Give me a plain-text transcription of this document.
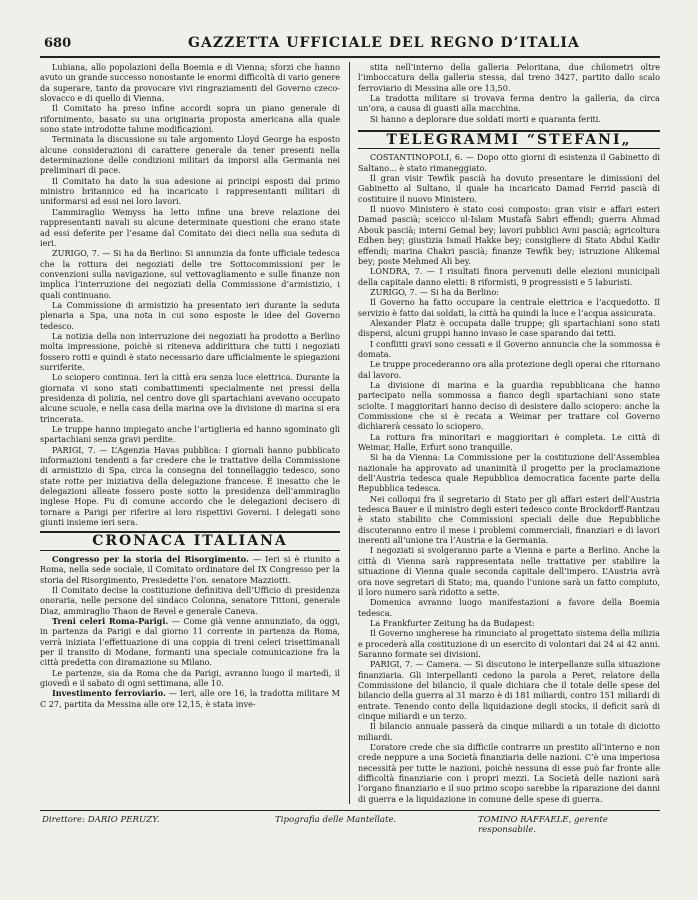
680	GAZZETTA UFFICIALE DEL REGNO D’ITALIA

Lubiana, allo popolazioni della Boemia e di Vienna; sforzi che hanno avuto un grande successo nonostante le enormi difficoltà di vario genere da superare, tanto da provocare vivi ringraziamenti del Governo czeco-slovacco e di quello di Vienna.

Il Comitato ha preso infine accordi sopra un piano generale di rifornimento, basato su una originaria proposta americana alla quale sono state introdotte talune modificazioni.

Terminata la discussione su tale argomento Lloyd George ha esposto alcune considerazioni di carattere generale da tener presenti nella determinazione delle condizioni militari da imporsi alla Germania nei preliminari di pace.

Il Comitato ha dato la sua adesione ai principi esposti dal primo ministro britannico ed ha incaricato i rappresentanti militari di uniformarsi ad essi nei loro lavori.

L’ammiraglio Wemyss ha letto infine una breve relazione dei rappresentanti navali su alcune determinate questioni che erano state ad essi deferite per l’esame dal Comitato dei dieci nella sua seduta di ieri.

ZURIGO, 7. — Si ha da Berlino: Si annunzia da fonte ufficiale tedesca che la rottura dei negoziati delle tre Sottocommissioni per le convenzioni sulla navigazione, sul vettovagliamento e sulle finanze non implica l’interruzione dei negoziati della Commissione d’armistizio, i quali continuano.

La Commissione di armistizio ha presentato ieri durante la seduta plenaria a Spa, una nota in cui sono esposte le idee del Governo tedesco.

La notizia della non interruzione dei negoziati ha prodotto a Berlino molta impressione, poichè si riteneva addirittura che tutti i negoziati fossero rotti e quindi è stato necessario dare ufficialmente le spiegazioni surriferite.

Lo sciopero continua. Ieri la città era senza luce elettrica. Durante la giornata vi sono stati combattimenti specialmente nei pressi della presidenza di polizia, nel centro dove gli spartachiani avevano occupato alcune scuole, e nella casa della marina ove la divisione di marina si era trincerata.

Le truppe hanno impiegato anche l’artiglieria ed hanno sgominato gli spartachiani senza gravi perdite.

PARIGI, 7. — L’Agenzia Havas pubblica: I giornali hanno pubblicato informazioni tendenti a far credere che le trattative della Commissione di armistizio di Spa, circa la consegna del tonnellaggio tedesco, sono state rotte per iniziativa della delegazione francese. È inesatto che le delegazioni alleate fossero poste sotto la presidenza dell’ammiraglio inglese Hope. Fu di comune accordo che le delegazioni decisero di tornare a Parigi per riferire ai loro rispettivi Governi. I delegati sono giunti insieme ieri sera.

CRONACA ITALIANA

Congresso per la storia del Risorgimento. — Ieri si è riunito a Roma, nella sede sociale, il Comitato ordinatore del IX Congresso per la storia del Risorgimento, Presiedette l’on. senatore Mazziotti.

Il Comitato decise la costituzione definitiva dell’Ufficio di presidenza onoraria, nelle persone del sindaco Colonna, senatore Tittoni, generale Diaz, ammiraglio Thaon de Revel e generale Caneva.

Treni celeri Roma-Parigi. — Come già venne annunziato, da oggi, in partenza da Parigi e dal giorno 11 corrente in partenza da Roma, verrà iniziata l’effettuazione di una coppia di treni celeri trisettimanali per il transito di Modane, formanti una speciale comunicazione fra la città predetta con diramazione su Milano.

Le partenze, sia da Roma che da Parigi, avranno luogo il martedì, il giovedì e il sabato di ogni settimana, alle 10.

Investimento ferroviario. — Ieri, alle ore 16, la tradotta militare M C 27, partita da Messina alle ore 12,15, è stata inve-

stita nell’interno della galleria Peloritana, due chilometri oltre l’imboccatura della galleria stessa, dal treno 3427, partito dallo scalo ferroviario di Messina alle ore 13,50.

La tradotta militare si trovava ferma dentro la galleria, da circa un’ora, a causa di guasti alla macchina.

Si hanno a deplorare due soldati morti e quaranta feriti.

TELEGRAMMI “STEFANI„

COSTANTINOPOLI, 6. — Dopo otto giorni di esistenza il Gabinetto di Saltano... è stato rimaneggiato.

Il gran visir Tewfik pascià ha dovuto presentare le dimissioni del Gabinetto al Sultano, il quale ha incaricato Damad Ferrid pascià di costituire il nuovo Ministero.

Il nuovo Ministero è stato così composto: gran visir e affari esteri Damad pascià; sceicco ul-Islam Mustafà Sabri effendi; guerra Ahmad Abouk pascià; interni Gemal bey; lavori pubblici Avni pascià; agricoltura Edhen bey; giustizia Ismail Hakke bey; consigliere di Stato Abdul Kadir effendi; marina Chakri pascià; finanze Tewfik bey; istruzione Alikemal bey; poste Mehmed Ali bey.

LONDRA, 7. — I risultati finora pervenuti delle elezioni municipali della capitale danno eletti: 8 riformisti, 9 progressisti e 5 laburisti.

ZURIGO, 7. — Si ha da Berlino:

Il Governo ha fatto occupare la centrale elettrica e l’acquedotto. Il servizio è fatto dai soldati, la città ha quindi la luce e l’acqua assicurata.

Alexander Platz è occupata dalle truppe; gli spartachiani sono stati dispersi, alcuni gruppi hanno invaso le case sparando dai tetti.

I conflitti gravi sono cessati e il Governo annuncia che la sommossa è domata.

Le truppe procederanno ora alla protezione degli operai che ritornano dal lavoro.

La divisione di marina e la guardia repubblicana che hanno partecipato nella sommossa a fianco degli spartachiani sono state sciolte. I maggioritari hanno deciso di desistere dallo sciopero: anche la Commissione che si è recata a Weimar per trattare col Governo dichiarerà cessato lo sciopero.

La rottura fra minoritari e maggioritari è completa. Le città di Weimar, Halle, Erfurt sono tranquille.

Si ha da Vienna: La Commissione per la costituzione dell’Assemblea nazionale ha approvato ad unanimità il progetto per la proclamazione dell’Austria tedesca quale Repubblica democratica facente parte della Repubblica tedesca.

Nei colloqui fra il segretario di Stato per gli affari esteri dell’Austria tedesca Bauer e il ministro degli esteri tedesco conte Brockdorff-Rantzau è stato stabilito che Commissioni speciali delle due Repubbliche discuteranno entro il mese i problemi commerciali, finanziari e di lavori inerenti all’unione tra l’Austria e la Germania.

I negoziati si svolgeranno parte a Vienna e parte a Berlino. Anche la città di Vienna sarà rappresentata nelle trattative per stabilire la situazione di Vienna quale seconda capitale dell’impero. L’Austria avrà ora nove segretari di Stato; ma, quando l’unione sarà un fatto compiuto, il loro numero sarà ridotto a sette.

Domenica avranno luogo manifestazioni a favore della Boemia tedesca.

La Frankfurter Zeitung ha da Budapest:

Il Governo ungherese ha rinunciato al progettato sistema della milizia e procederà alla costituzione di un esercito di volontari dai 24 ai 42 anni. Saranno formate sei divisioni.

PARIGI, 7. — Camera. — Si discutono le interpellanze sulla situazione finanziaria. Gli interpellanti cedono la parola a Peret, relatore della Commissione del bilancio, il quale dichiara che il totale delle spese del bilancio della guerra al 31 marzo è di 181 miliardi, contro 151 miliardi di entrate. Tenendo conto della liquidazione degli stocks, il deficit sarà di cinque miliardi e un terzo.

Il bilancio annuale passerà da cinque miliardi a un totale di diciotto miliardi.

L’oratore crede che sia difficile contrarre un prestito all’interno e non crede neppure a una Società finanziaria delle nazioni. C’è una imperiosa necessità per tutte le nazioni, poichè nessuna di esse può far fronte alle difficoltà finanziarie con i propri mezzi. La Società delle nazioni sarà l’organo finanziario e il suo primo scopo sarebbe la riparazione dei danni di guerra e la liquidazione in comune delle spese di guerra.

Direttore: DARIO PERUZY.	Tipografia delle Mantellate.	TOMINO RAFFAELE, gerente responsabile.
